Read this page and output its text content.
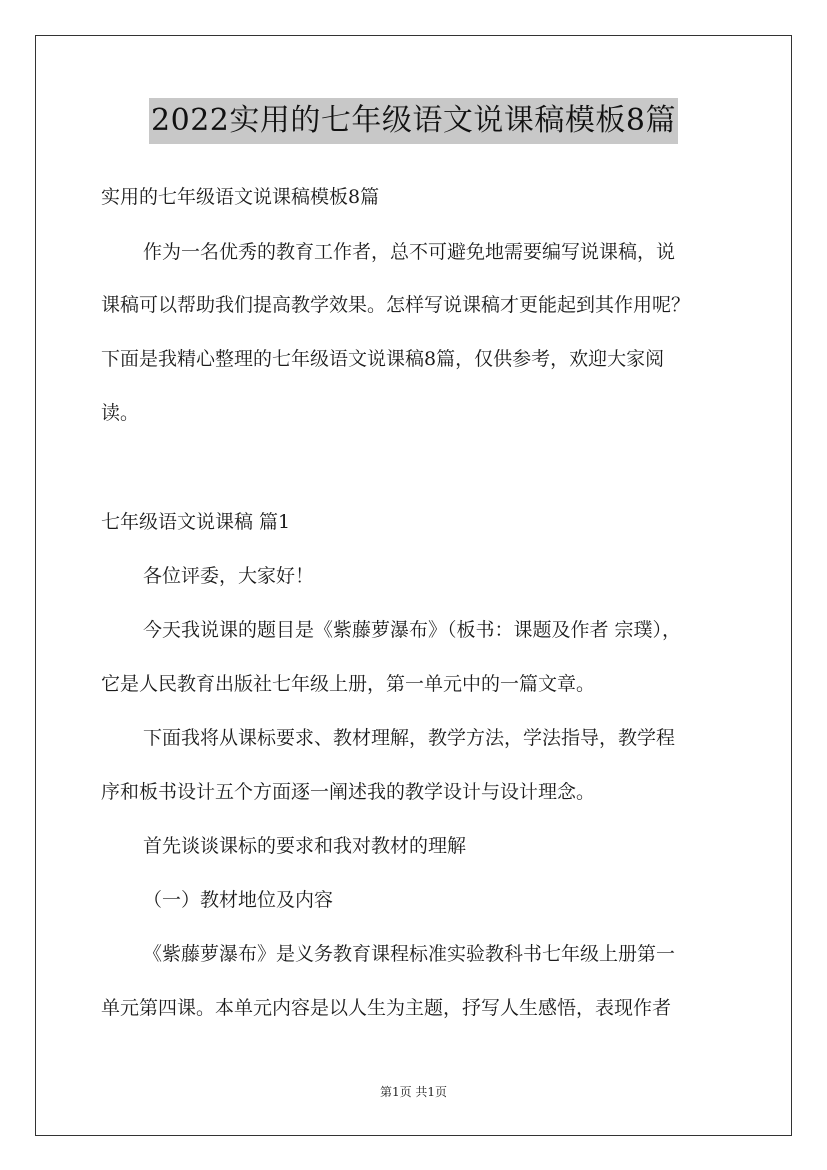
2022实用的七年级语文说课稿模板8篇
实用的七年级语文说课稿模板8篇
作为一名优秀的教育工作者，总不可避免地需要编写说课稿，说
课稿可以帮助我们提高教学效果。怎样写说课稿才更能起到其作用呢？
下面是我精心整理的七年级语文说课稿8篇，仅供参考，欢迎大家阅
读。
七年级语文说课稿 篇1
各位评委，大家好！
今天我说课的题目是《紫藤萝瀑布》（板书：课题及作者 宗璞），
它是人民教育出版社七年级上册，第一单元中的一篇文章。
下面我将从课标要求、教材理解，教学方法，学法指导，教学程
序和板书设计五个方面逐一阐述我的教学设计与设计理念。
首先谈谈课标的要求和我对教材的理解
（一）教材地位及内容
《紫藤萝瀑布》是义务教育课程标准实验教科书七年级上册第一
单元第四课。本单元内容是以人生为主题，抒写人生感悟，表现作者
第1页 共1页
